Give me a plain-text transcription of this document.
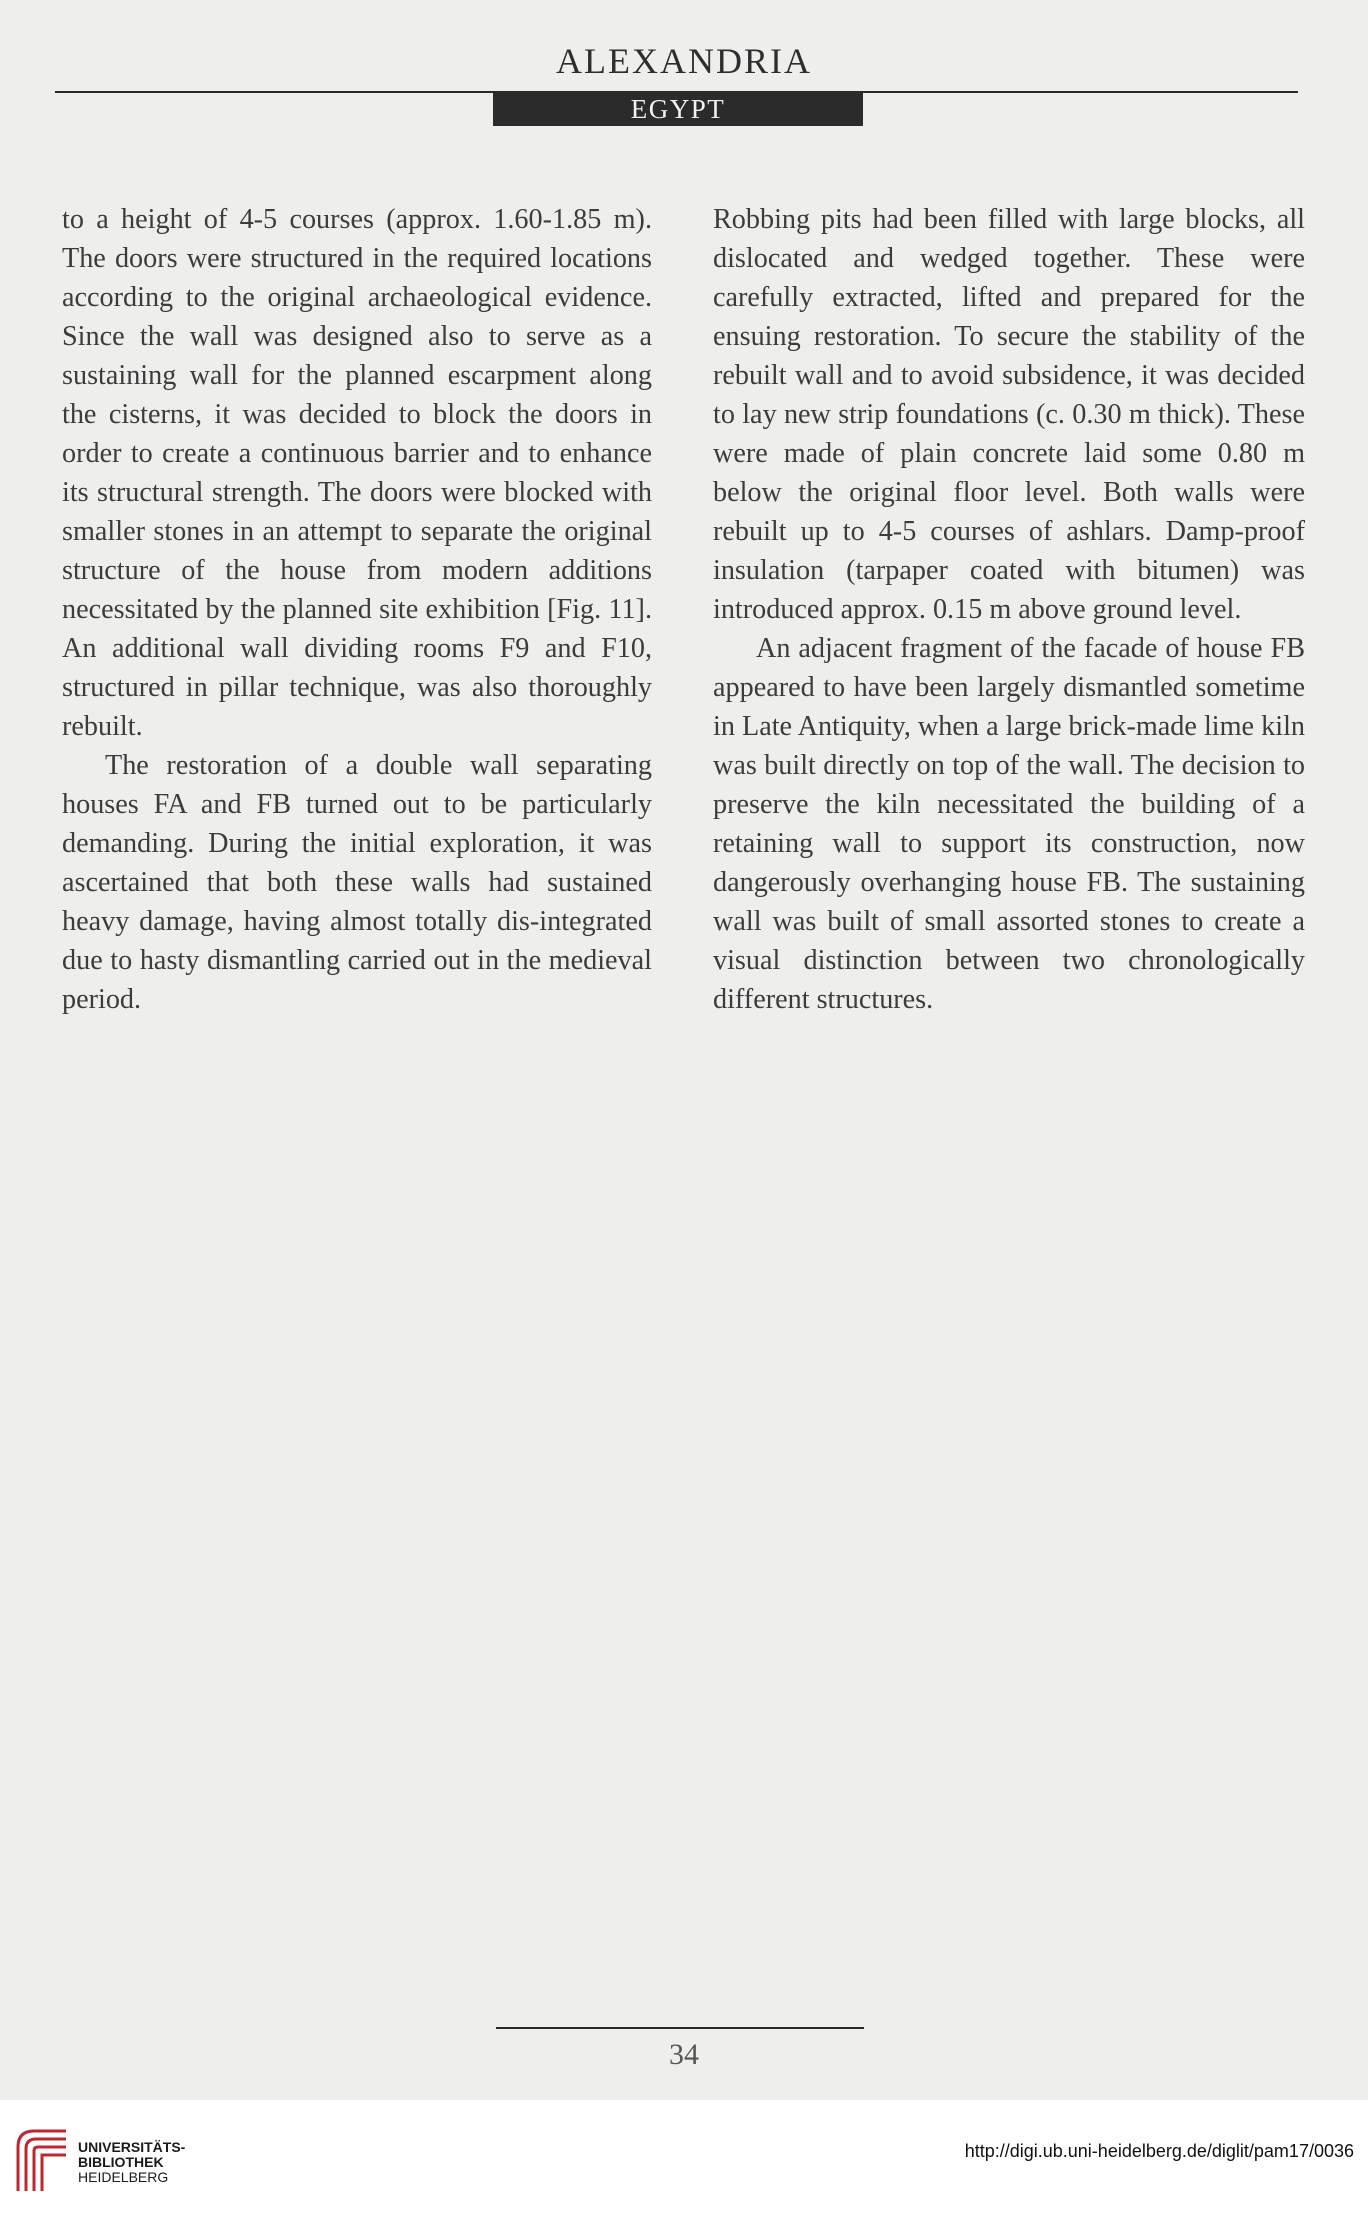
ALEXANDRIA
EGYPT

to a height of 4-5 courses (approx. 1.60-1.85 m). The doors were structured in the required locations according to the original archaeological evidence. Since the wall was designed also to serve as a sustaining wall for the planned escarpment along the cisterns, it was decided to block the doors in order to create a continuous barrier and to enhance its structural strength. The doors were blocked with smaller stones in an attempt to separate the original structure of the house from modern additions necessitated by the planned site exhibition [Fig. 11]. An additional wall dividing rooms F9 and F10, structured in pillar technique, was also thoroughly rebuilt.

The restoration of a double wall separating houses FA and FB turned out to be particularly demanding. During the initial exploration, it was ascertained that both these walls had sustained heavy damage, having almost totally dis-integrated due to hasty dismantling carried out in the medieval period.

Robbing pits had been filled with large blocks, all dislocated and wedged together. These were carefully extracted, lifted and prepared for the ensuing restoration. To secure the stability of the rebuilt wall and to avoid subsidence, it was decided to lay new strip foundations (c. 0.30 m thick). These were made of plain concrete laid some 0.80 m below the original floor level. Both walls were rebuilt up to 4-5 courses of ashlars. Damp-proof insulation (tarpaper coated with bitumen) was introduced approx. 0.15 m above ground level.

An adjacent fragment of the facade of house FB appeared to have been largely dismantled sometime in Late Antiquity, when a large brick-made lime kiln was built directly on top of the wall. The decision to preserve the kiln necessitated the building of a retaining wall to support its construction, now dangerously overhanging house FB. The sustaining wall was built of small assorted stones to create a visual distinction between two chronologically different structures.

34
UNIVERSITÄTS-
BIBLIOTHEK
HEIDELBERG
http://digi.ub.uni-heidelberg.de/diglit/pam17/0036
